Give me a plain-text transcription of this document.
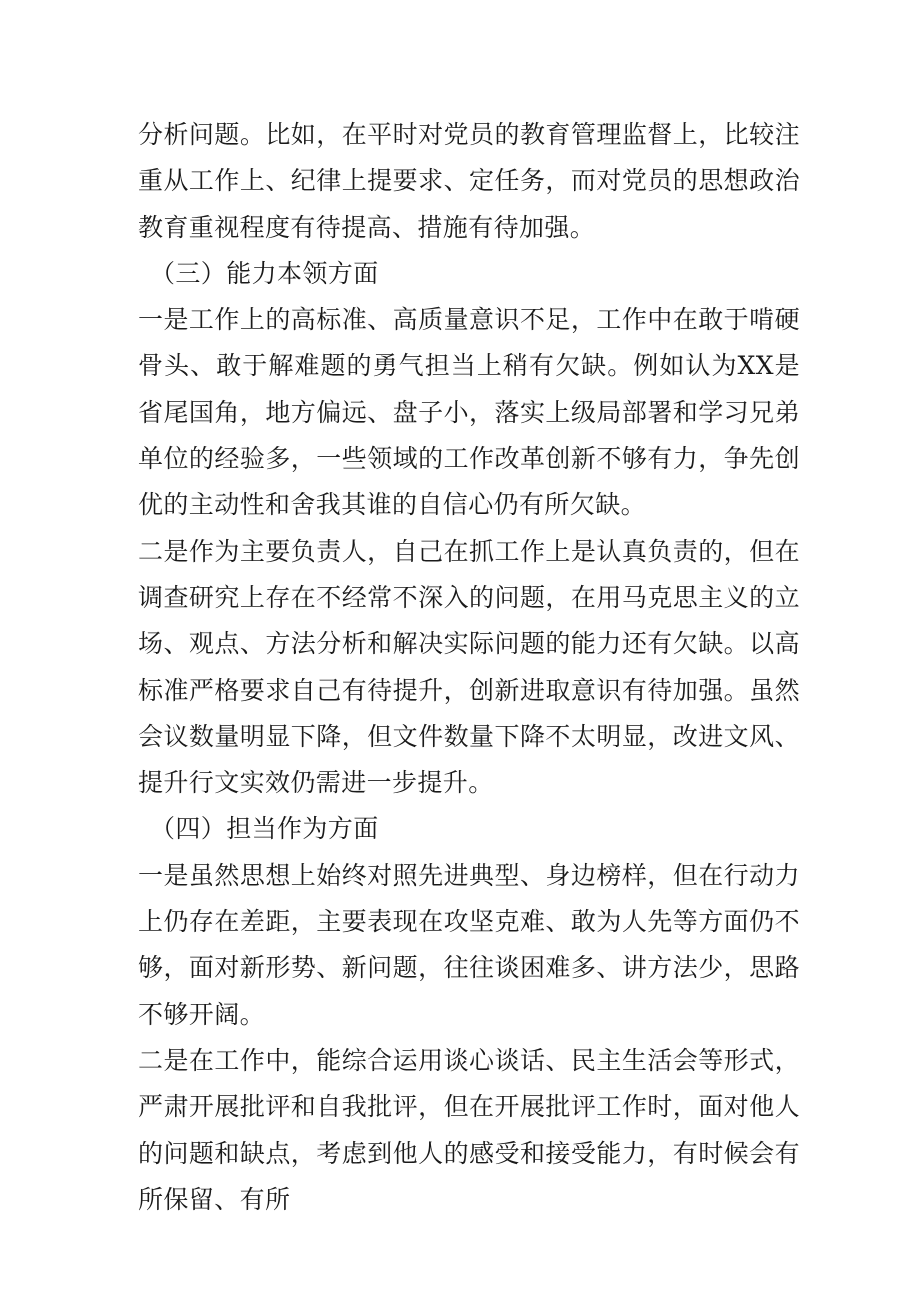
分析问题。比如，在平时对党员的教育管理监督上，比较注重从工作上、纪律上提要求、定任务，而对党员的思想政治教育重视程度有待提高、措施有待加强。

（三）能力本领方面

一是工作上的高标准、高质量意识不足，工作中在敢于啃硬骨头、敢于解难题的勇气担当上稍有欠缺。例如认为XX是省尾国角，地方偏远、盘子小，落实上级局部署和学习兄弟单位的经验多，一些领域的工作改革创新不够有力，争先创优的主动性和舍我其谁的自信心仍有所欠缺。

二是作为主要负责人，自己在抓工作上是认真负责的，但在调查研究上存在不经常不深入的问题，在用马克思主义的立场、观点、方法分析和解决实际问题的能力还有欠缺。以高标准严格要求自己有待提升，创新进取意识有待加强。虽然会议数量明显下降，但文件数量下降不太明显，改进文风、提升行文实效仍需进一步提升。

（四）担当作为方面

一是虽然思想上始终对照先进典型、身边榜样，但在行动力上仍存在差距，主要表现在攻坚克难、敢为人先等方面仍不够，面对新形势、新问题，往往谈困难多、讲方法少，思路不够开阔。

二是在工作中，能综合运用谈心谈话、民主生活会等形式，严肃开展批评和自我批评，但在开展批评工作时，面对他人的问题和缺点，考虑到他人的感受和接受能力，有时候会有所保留、有所
